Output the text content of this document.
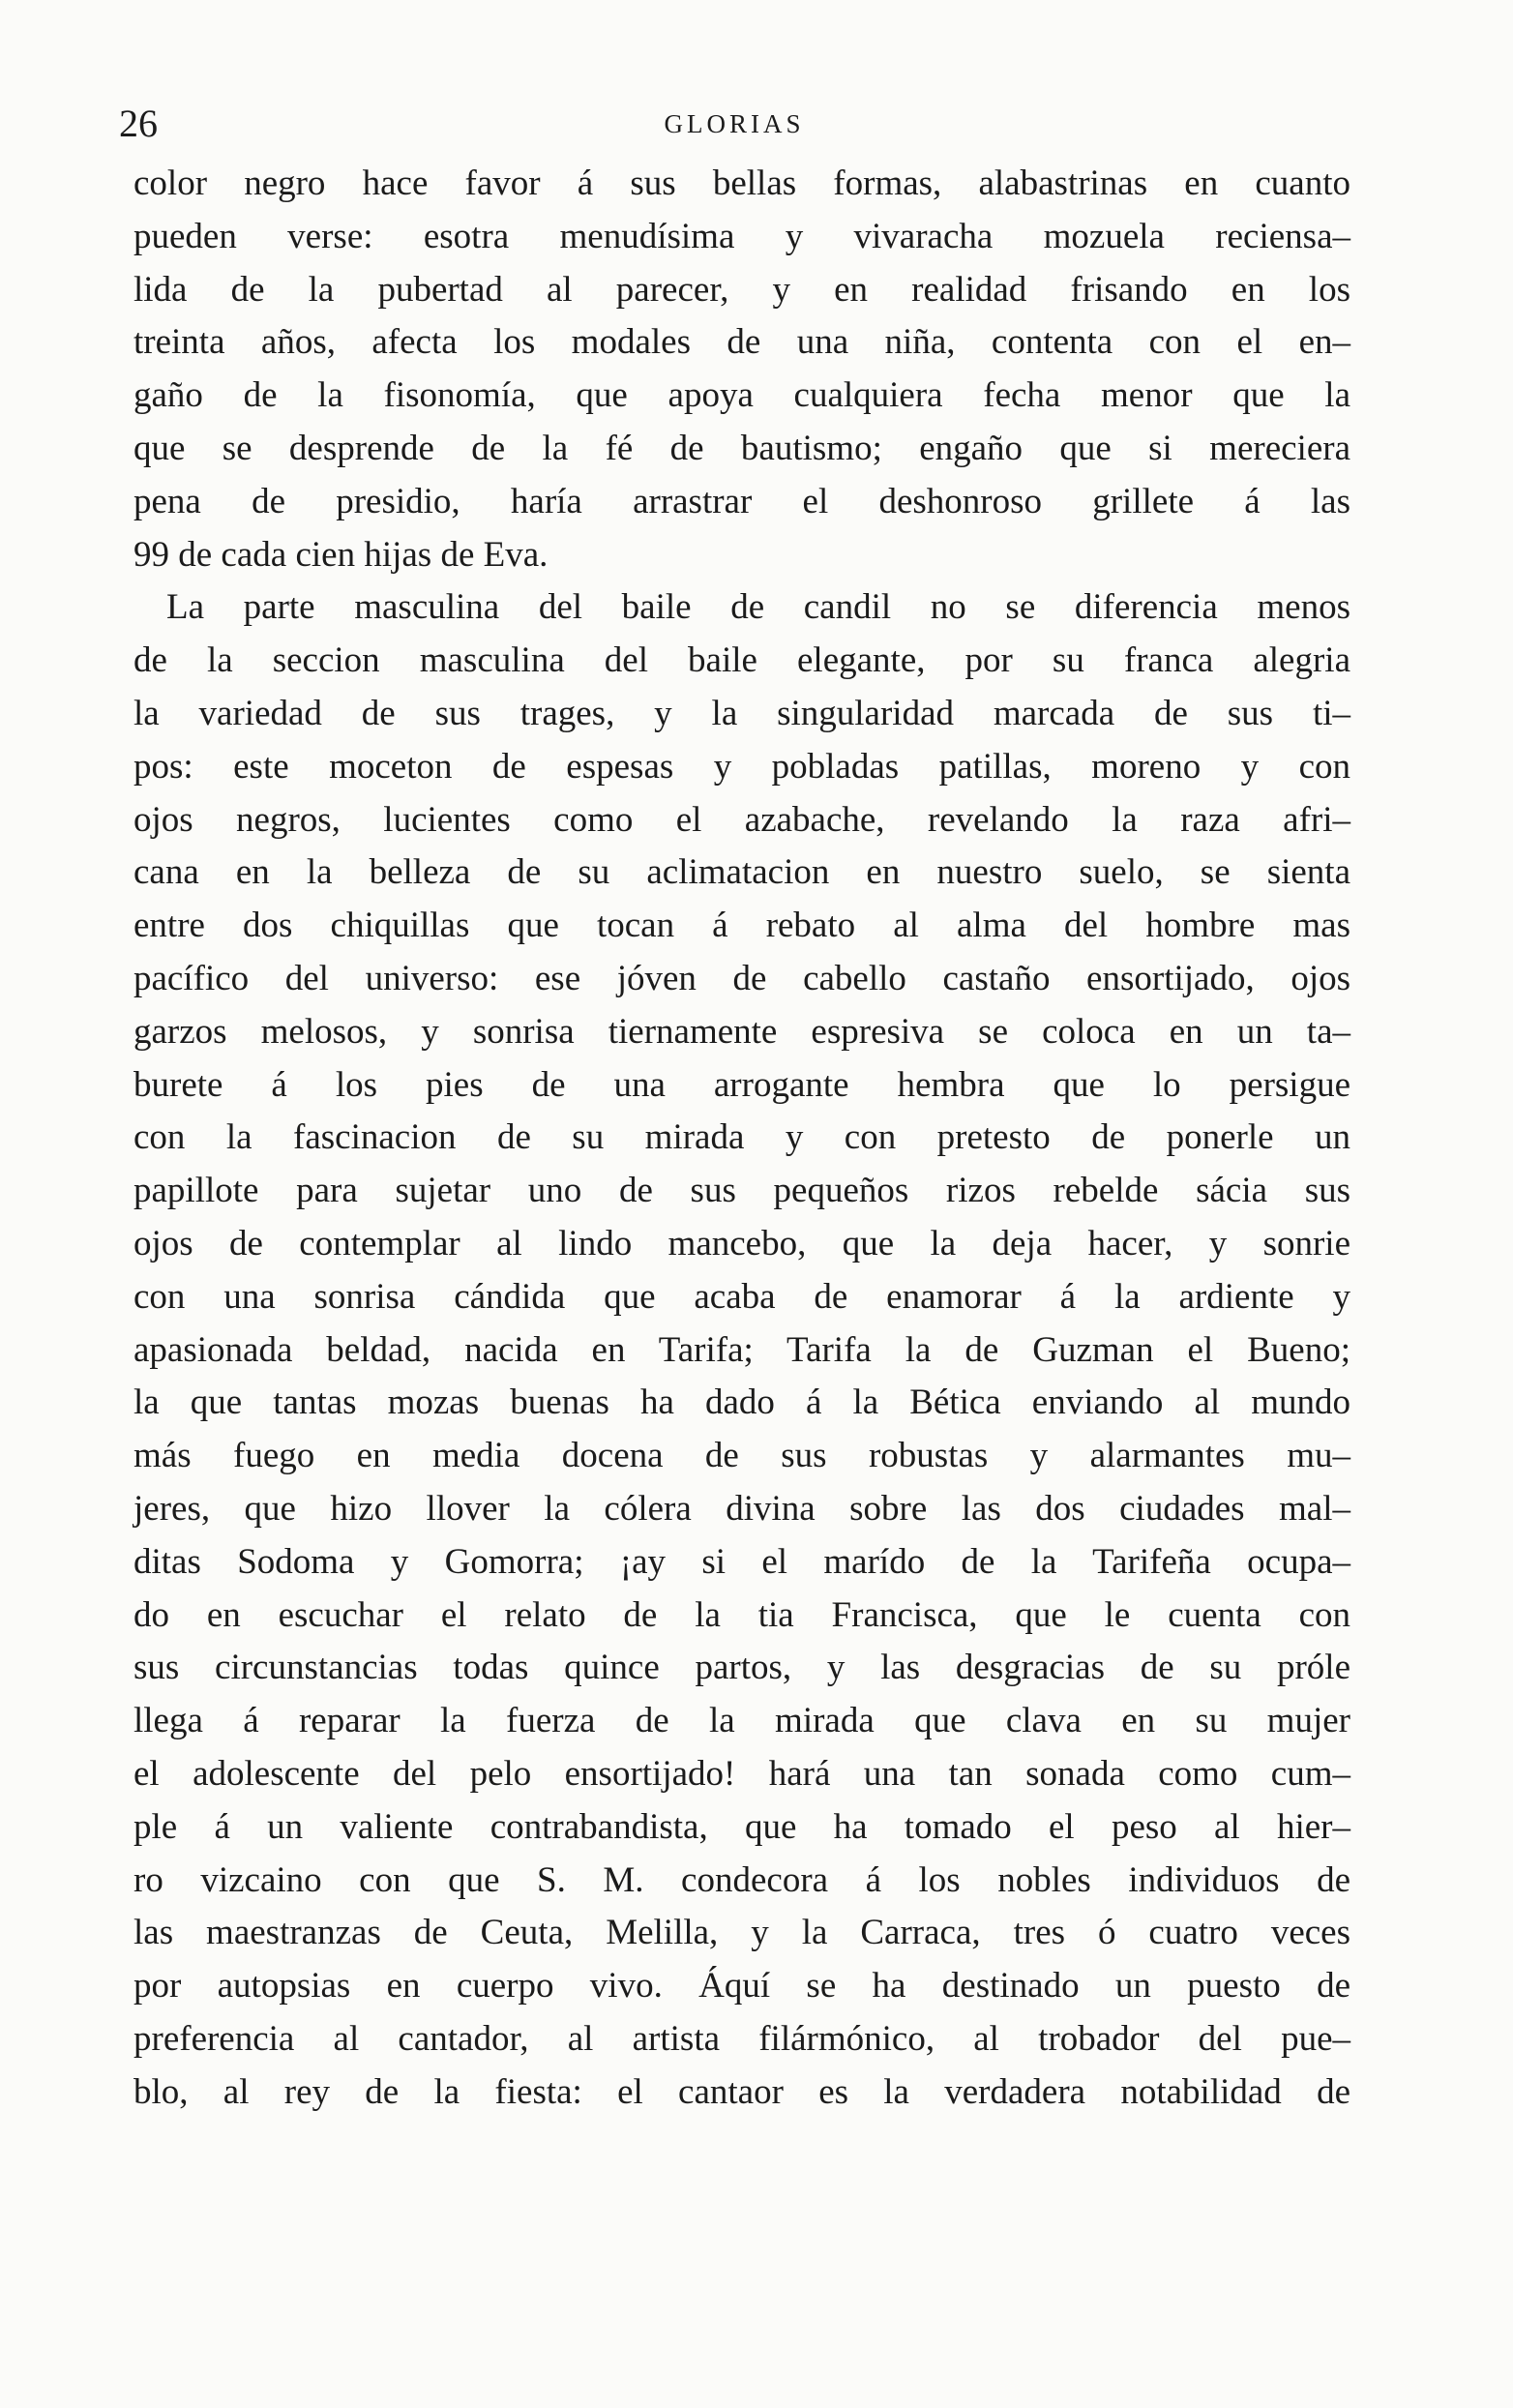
26	GLORIAS
color negro hace favor á sus bellas formas, alabastrinas en cuanto
pueden verse: esotra menudísima y vivaracha mozuela reciensa–
lida de la pubertad al parecer, y en realidad frisando en los
treinta años, afecta los modales de una niña, contenta con el en–
gaño de la fisonomía, que apoya cualquiera fecha menor que la
que se desprende de la fé de bautismo; engaño que si mereciera
pena de presidio, haría arrastrar el deshonroso grillete á las
99 de cada cien hijas de Eva.
La parte masculina del baile de candil no se diferencia menos
de la seccion masculina del baile elegante, por su franca alegria
la variedad de sus trages, y la singularidad marcada de sus ti–
pos: este moceton de espesas y pobladas patillas, moreno y con
ojos negros, lucientes como el azabache, revelando la raza afri–
cana en la belleza de su aclimatacion en nuestro suelo, se sienta
entre dos chiquillas que tocan á rebato al alma del hombre mas
pacífico del universo: ese jóven de cabello castaño ensortijado, ojos
garzos melosos, y sonrisa tiernamente espresiva se coloca en un ta–
burete á los pies de una arrogante hembra que lo persigue
con la fascinacion de su mirada y con pretesto de ponerle un
papillote para sujetar uno de sus pequeños rizos rebelde sácia sus
ojos de contemplar al lindo mancebo, que la deja hacer, y sonrie
con una sonrisa cándida que acaba de enamorar á la ardiente y
apasionada beldad, nacida en Tarifa; Tarifa la de Guzman el Bueno;
la que tantas mozas buenas ha dado á la Bética enviando al mundo
más fuego en media docena de sus robustas y alarmantes mu–
jeres, que hizo llover la cólera divina sobre las dos ciudades mal–
ditas Sodoma y Gomorra; ¡ay si el marído de la Tarifeña ocupa–
do en escuchar el relato de la tia Francisca, que le cuenta con
sus circunstancias todas quince partos, y las desgracias de su próle
llega á reparar la fuerza de la mirada que clava en su mujer
el adolescente del pelo ensortijado! hará una tan sonada como cum–
ple á un valiente contrabandista, que ha tomado el peso al hier–
ro vizcaino con que S. M. condecora á los nobles individuos de
las maestranzas de Ceuta, Melilla, y la Carraca, tres ó cuatro veces
por autopsias en cuerpo vivo. Áquí se ha destinado un puesto de
preferencia al cantador, al artista filármónico, al trobador del pue–
blo, al rey de la fiesta: el cantaor es la verdadera notabilidad de
